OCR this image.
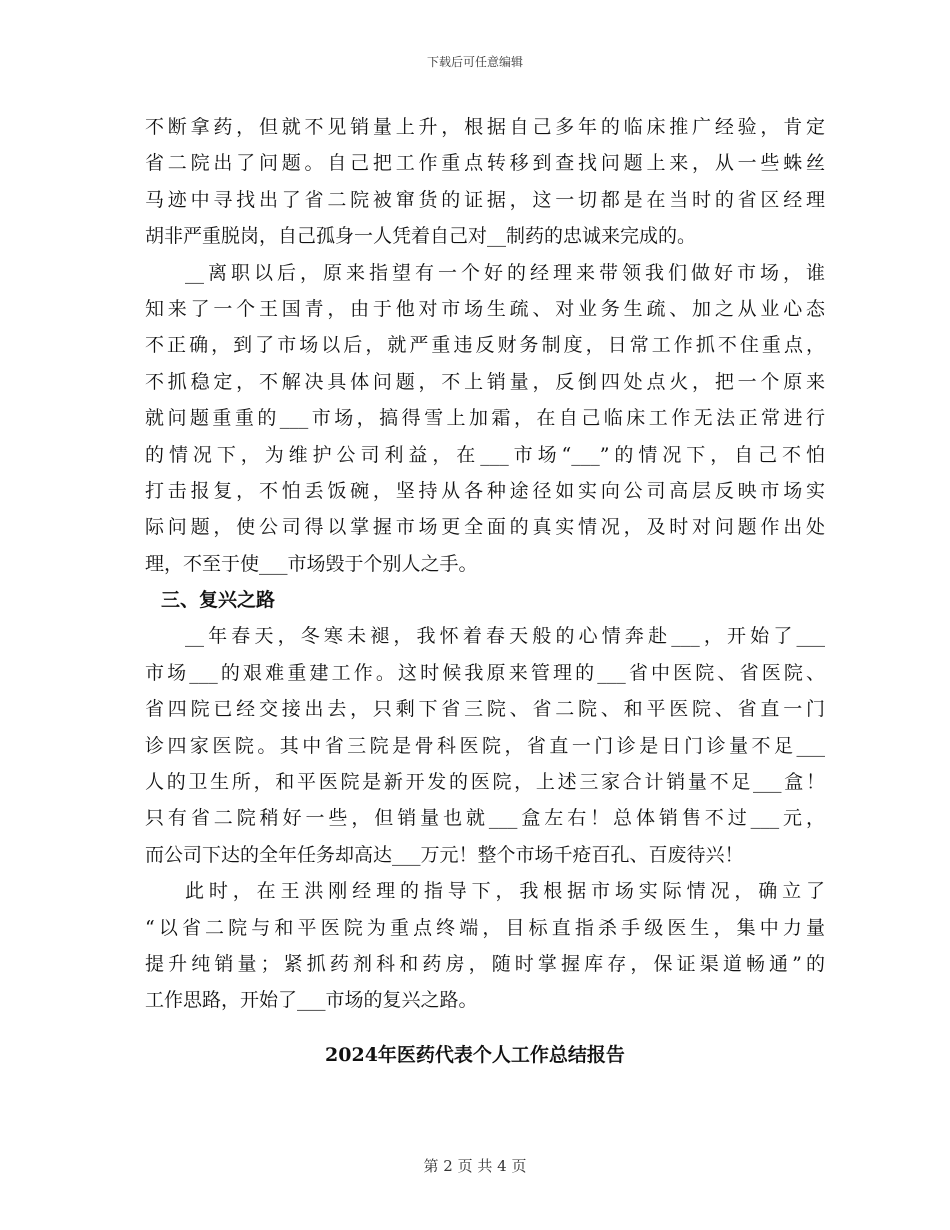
下载后可任意编辑
不断拿药，但就不见销量上升，根据自己多年的临床推广经验，肯定
省二院出了问题。自己把工作重点转移到查找问题上来，从一些蛛丝
马迹中寻找出了省二院被窜货的证据，这一切都是在当时的省区经理
胡非严重脱岗，自己孤身一人凭着自己对__制药的忠诚来完成的。
__离职以后，原来指望有一个好的经理来带领我们做好市场，谁
知来了一个王国青，由于他对市场生疏、对业务生疏、加之从业心态
不正确，到了市场以后，就严重违反财务制度，日常工作抓不住重点，
不抓稳定，不解决具体问题，不上销量，反倒四处点火，把一个原来
就问题重重的___市场，搞得雪上加霜，在自己临床工作无法正常进行
的情况下，为维护公司利益，在___市场“___”的情况下，自己不怕
打击报复，不怕丢饭碗，坚持从各种途径如实向公司高层反映市场实
际问题，使公司得以掌握市场更全面的真实情况，及时对问题作出处
理，不至于使___市场毁于个别人之手。
三、复兴之路
__年春天，冬寒未褪，我怀着春天般的心情奔赴___，开始了___
市场___的艰难重建工作。这时候我原来管理的___省中医院、省医院、
省四院已经交接出去，只剩下省三院、省二院、和平医院、省直一门
诊四家医院。其中省三院是骨科医院，省直一门诊是日门诊量不足___
人的卫生所，和平医院是新开发的医院，上述三家合计销量不足___盒！
只有省二院稍好一些，但销量也就___盒左右！总体销售不过___元，
而公司下达的全年任务却高达___万元！整个市场千疮百孔、百废待兴！
此时，在王洪刚经理的指导下，我根据市场实际情况，确立了
“以省二院与和平医院为重点终端，目标直指杀手级医生，集中力量
提升纯销量；紧抓药剂科和药房，随时掌握库存，保证渠道畅通”的
工作思路，开始了___市场的复兴之路。
2024年医药代表个人工作总结报告
第 2 页 共 4 页
